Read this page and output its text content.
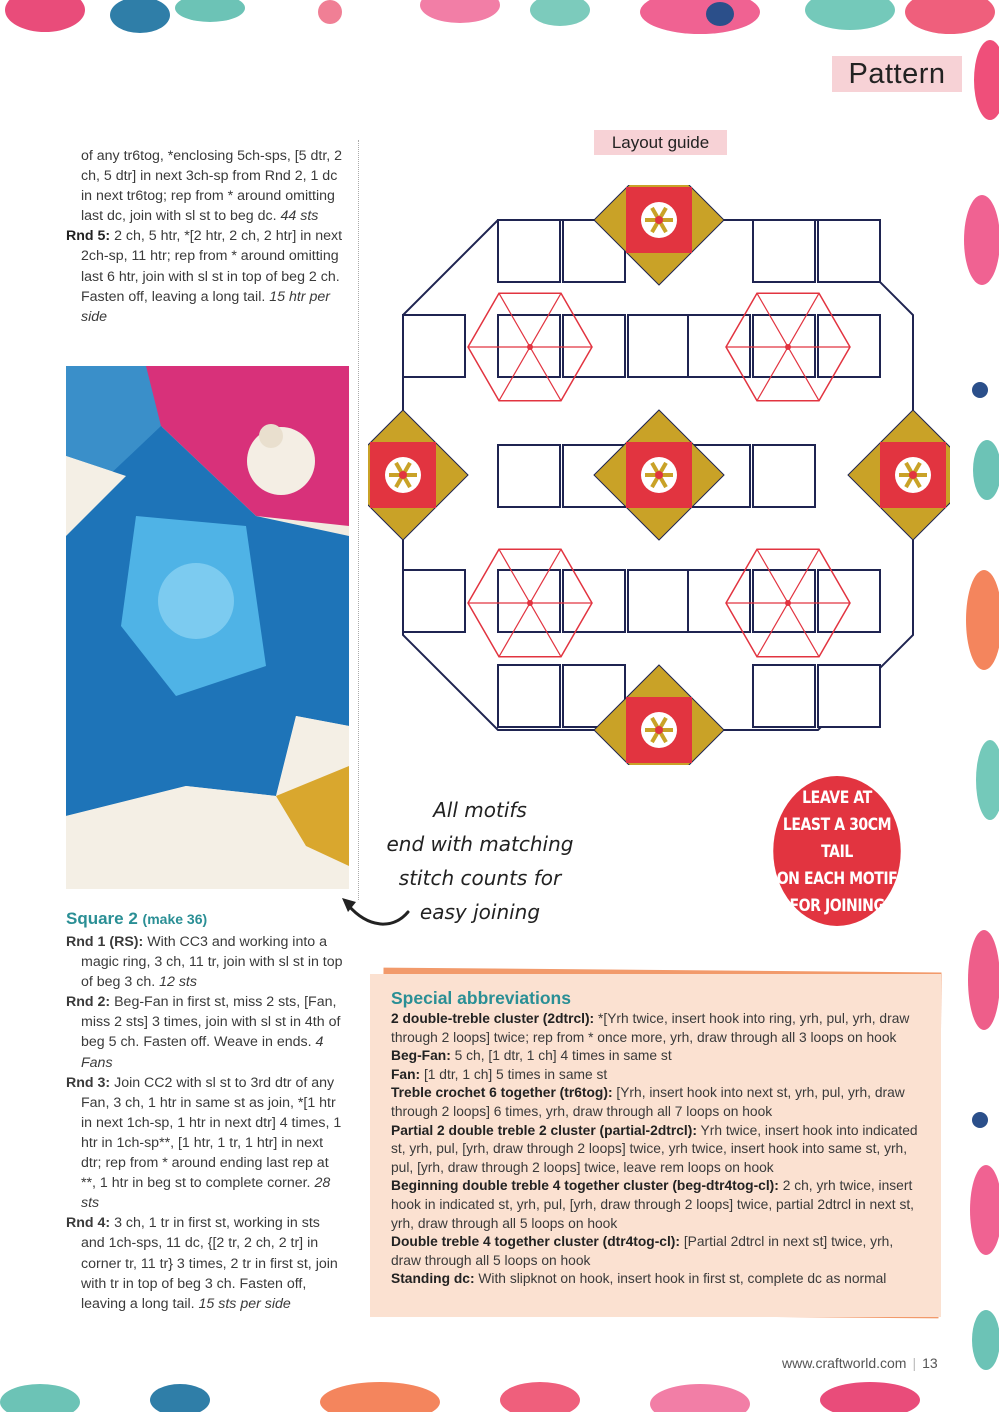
Pattern

of any tr6tog, *enclosing 5ch-sps, [5 dtr, 2 ch, 5 dtr] in next 3ch-sp from Rnd 2, 1 dc in next tr6tog; rep from * around omitting last dc, join with sl st to beg dc. 44 sts

Rnd 5: 2 ch, 5 htr, *[2 htr, 2 ch, 2 htr] in next 2ch-sp, 11 htr; rep from * around omitting last 6 htr, join with sl st in top of beg 2 ch. Fasten off, leaving a long tail. 15 htr per side

Square 2 (make 36)

Rnd 1 (RS): With CC3 and working into a magic ring, 3 ch, 11 tr, join with sl st in top of beg 3 ch. 12 sts

Rnd 2: Beg-Fan in first st, miss 2 sts, [Fan, miss 2 sts] 3 times, join with sl st in 4th of beg 5 ch. Fasten off. Weave in ends. 4 Fans

Rnd 3: Join CC2 with sl st to 3rd dtr of any Fan, 3 ch, 1 htr in same st as join, *[1 htr in next 1ch-sp, 1 htr in next dtr] 4 times, 1 htr in 1ch-sp**, [1 htr, 1 tr, 1 htr] in next dtr; rep from * around ending last rep at **, 1 htr in beg st to complete corner. 28 sts

Rnd 4: 3 ch, 1 tr in first st, working in sts and 1ch-sps, 11 dc, {[2 tr, 2 ch, 2 tr] in corner tr, 11 tr} 3 times, 2 tr in first st, join with tr in top of beg 3 ch. Fasten off, leaving a long tail. 15 sts per side

Layout guide
All motifs
end with matching
stitch counts for
easy joining
LEAVE AT
LEAST A 30CM TAIL
ON EACH MOTIF
FOR JOINING
Special abbreviations

2 double-treble cluster (2dtrcl): *[Yrh twice, insert hook into ring, yrh, pul, yrh, draw through 2 loops] twice; rep from * once more, yrh, draw through all 3 loops on hook

Beg-Fan: 5 ch, [1 dtr, 1 ch] 4 times in same st

Fan: [1 dtr, 1 ch] 5 times in same st

Treble crochet 6 together (tr6tog): [Yrh, insert hook into next st, yrh, pul, yrh, draw through 2 loops] 6 times, yrh, draw through all 7 loops on hook

Partial 2 double treble 2 cluster (partial-2dtrcl): Yrh twice, insert hook into indicated st, yrh, pul, [yrh, draw through 2 loops] twice, yrh twice, insert hook into same st, yrh, pul, [yrh, draw through 2 loops] twice, leave rem loops on hook

Beginning double treble 4 together cluster (beg-dtr4tog-cl): 2 ch, yrh twice, insert hook in indicated st, yrh, pul, [yrh, draw through 2 loops] twice, partial 2dtrcl in next st, yrh, draw through all 5 loops on hook

Double treble 4 together cluster (dtr4tog-cl): [Partial 2dtrcl in next st] twice, yrh, draw through all 5 loops on hook

Standing dc: With slipknot on hook, insert hook in first st, complete dc as normal

www.craftworld.com | 13
